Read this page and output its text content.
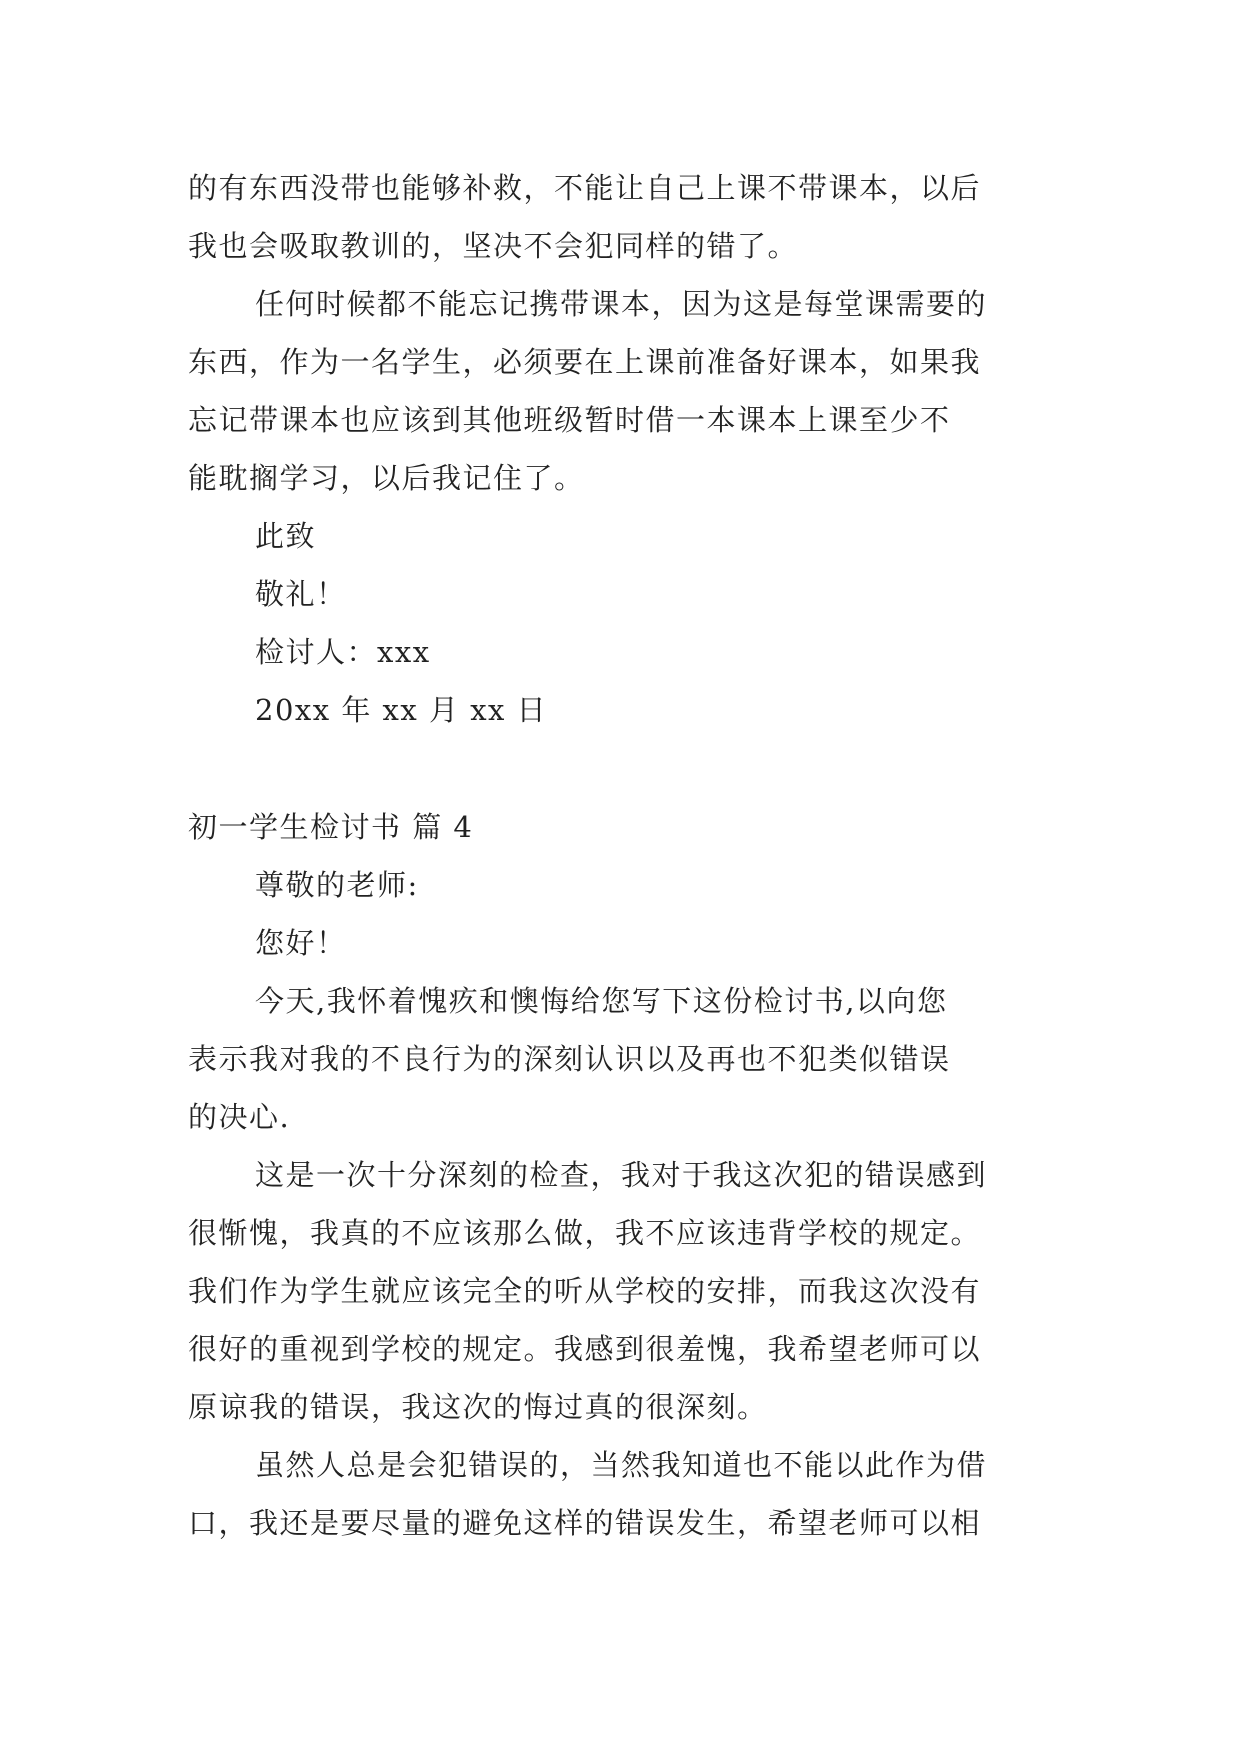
的有东西没带也能够补救，不能让自己上课不带课本，以后
我也会吸取教训的，坚决不会犯同样的错了。
任何时候都不能忘记携带课本，因为这是每堂课需要的
东西，作为一名学生，必须要在上课前准备好课本，如果我
忘记带课本也应该到其他班级暂时借一本课本上课至少不
能耽搁学习，以后我记住了。
此致
敬礼！
检讨人：xxx
20xx 年 xx 月 xx 日
初一学生检讨书 篇 4
尊敬的老师:
您好！
今天,我怀着愧疚和懊悔给您写下这份检讨书,以向您
表示我对我的不良行为的深刻认识以及再也不犯类似错误
的决心.
这是一次十分深刻的检查，我对于我这次犯的错误感到
很惭愧，我真的不应该那么做，我不应该违背学校的规定。
我们作为学生就应该完全的听从学校的安排，而我这次没有
很好的重视到学校的规定。我感到很羞愧，我希望老师可以
原谅我的错误，我这次的悔过真的很深刻。
虽然人总是会犯错误的，当然我知道也不能以此作为借
口，我还是要尽量的避免这样的错误发生，希望老师可以相
